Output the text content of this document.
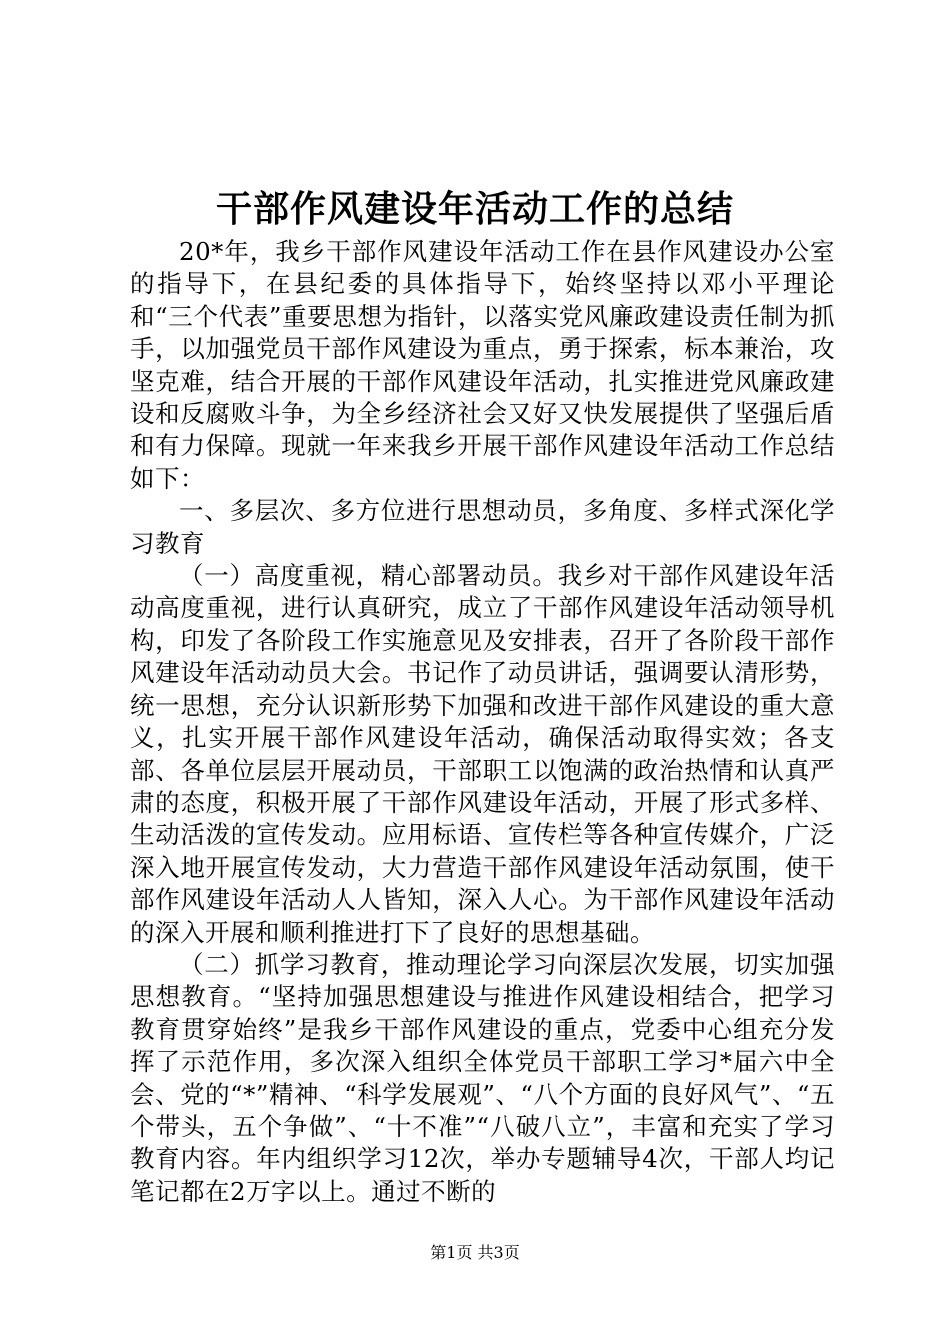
干部作风建设年活动工作的总结

20*年，我乡干部作风建设年活动工作在县作风建设办公室的指导下，在县纪委的具体指导下，始终坚持以邓小平理论和“三个代表”重要思想为指针，以落实党风廉政建设责任制为抓手，以加强党员干部作风建设为重点，勇于探索，标本兼治，攻坚克难，结合开展的干部作风建设年活动，扎实推进党风廉政建设和反腐败斗争，为全乡经济社会又好又快发展提供了坚强后盾和有力保障。现就一年来我乡开展干部作风建设年活动工作总结如下：

一、多层次、多方位进行思想动员，多角度、多样式深化学习教育

（一）高度重视，精心部署动员。我乡对干部作风建设年活动高度重视，进行认真研究，成立了干部作风建设年活动领导机构，印发了各阶段工作实施意见及安排表，召开了各阶段干部作风建设年活动动员大会。书记作了动员讲话，强调要认清形势，统一思想，充分认识新形势下加强和改进干部作风建设的重大意义，扎实开展干部作风建设年活动，确保活动取得实效；各支部、各单位层层开展动员，干部职工以饱满的政治热情和认真严肃的态度，积极开展了干部作风建设年活动，开展了形式多样、生动活泼的宣传发动。应用标语、宣传栏等各种宣传媒介，广泛深入地开展宣传发动，大力营造干部作风建设年活动氛围，使干部作风建设年活动人人皆知，深入人心。为干部作风建设年活动的深入开展和顺利推进打下了良好的思想基础。

（二）抓学习教育，推动理论学习向深层次发展，切实加强思想教育。“坚持加强思想建设与推进作风建设相结合，把学习教育贯穿始终”是我乡干部作风建设的重点，党委中心组充分发挥了示范作用，多次深入组织全体党员干部职工学习*届六中全会、党的“*”精神、“科学发展观”、“八个方面的良好风气”、“五个带头，五个争做”、“十不准”“八破八立”，丰富和充实了学习教育内容。年内组织学习12次，举办专题辅导4次，干部人均记笔记都在2万字以上。通过不断的

第1页 共3页
